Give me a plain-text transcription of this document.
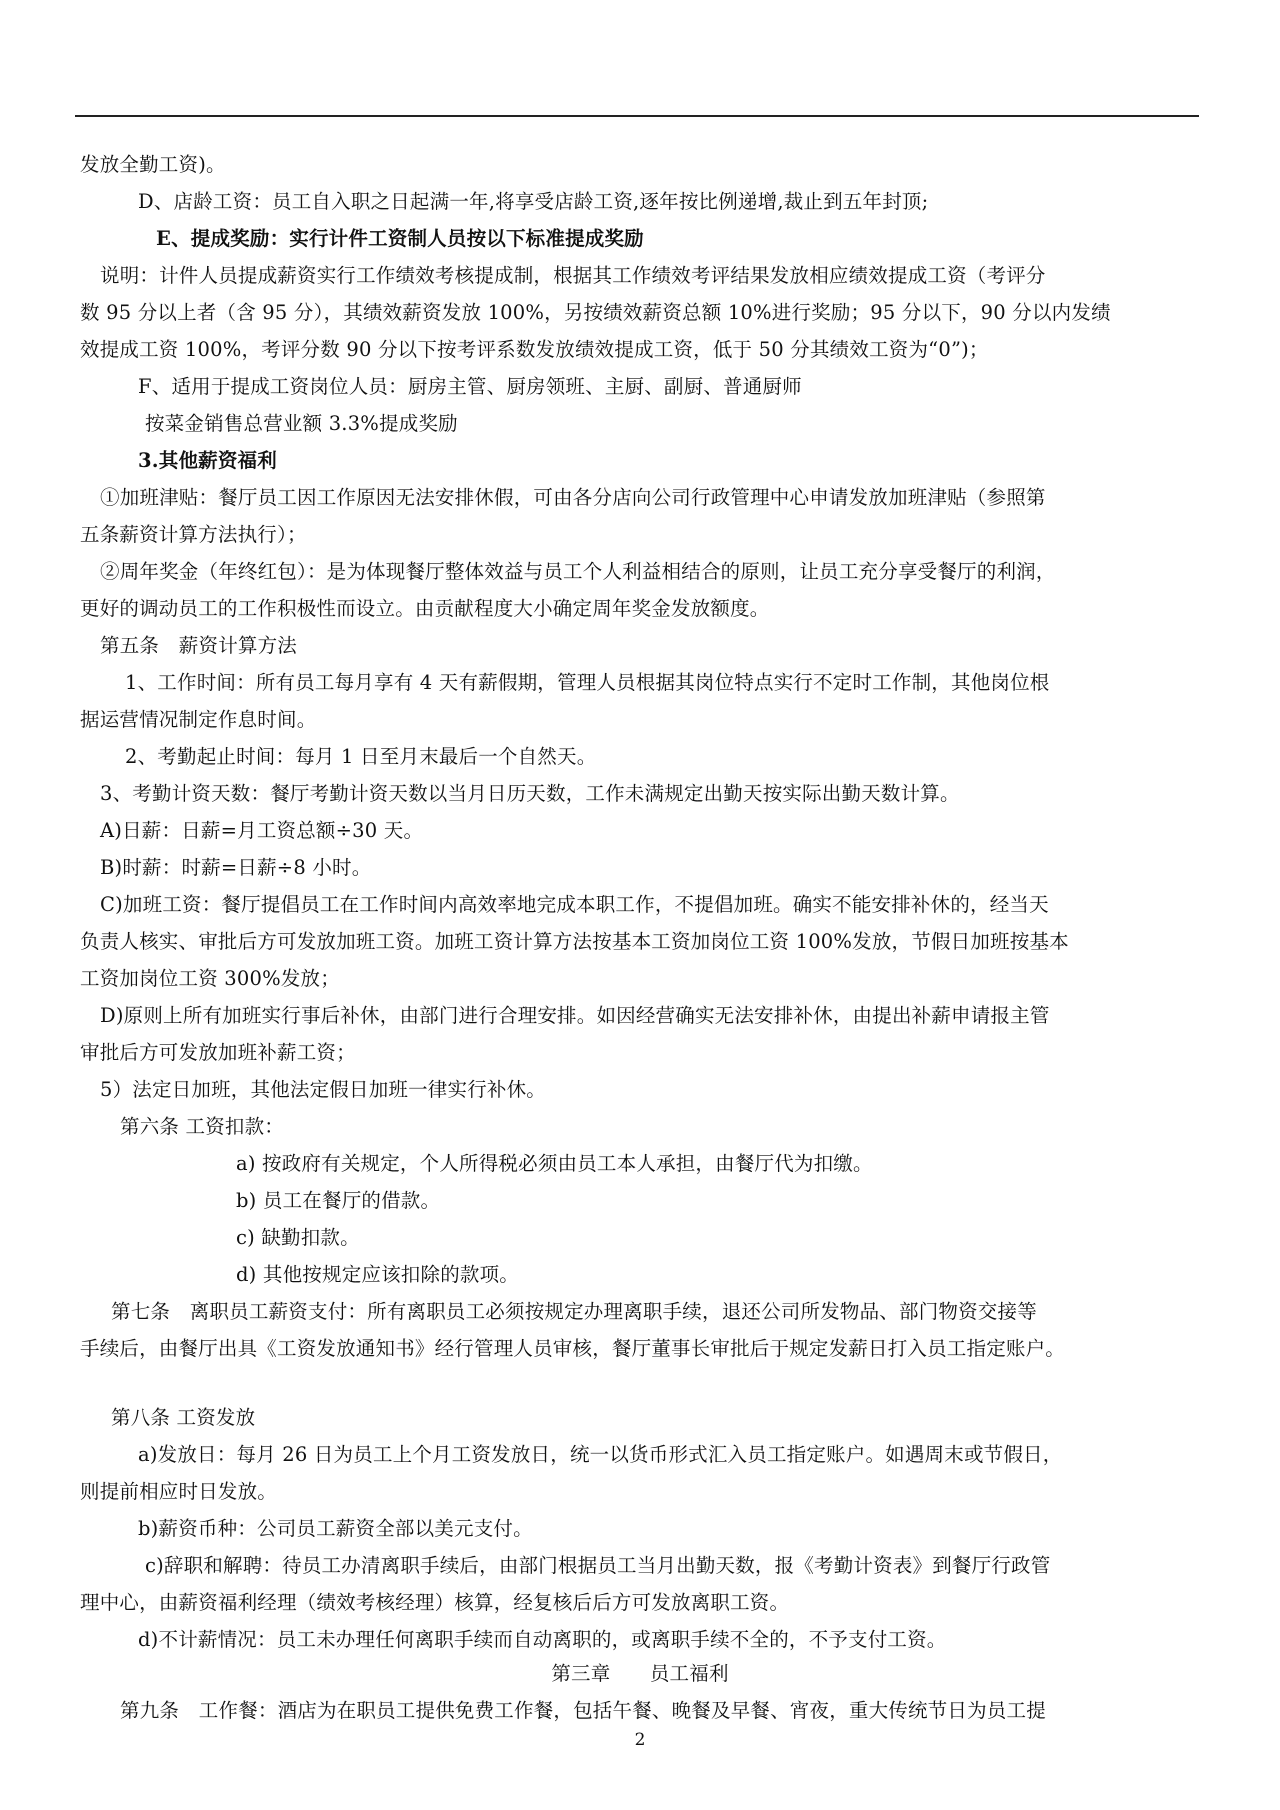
发放全勤工资)。
D、店龄工资：员工自入职之日起满一年,将享受店龄工资,逐年按比例递增,裁止到五年封顶;
E、提成奖励：实行计件工资制人员按以下标准提成奖励
说明：计件人员提成薪资实行工作绩效考核提成制，根据其工作绩效考评结果发放相应绩效提成工资（考评分
数 95 分以上者（含 95 分），其绩效薪资发放 100%，另按绩效薪资总额 10%进行奖励；95 分以下，90 分以内发绩
效提成工资 100%，考评分数 90 分以下按考评系数发放绩效提成工资，低于 50 分其绩效工资为“0”)；
F、适用于提成工资岗位人员：厨房主管、厨房领班、主厨、副厨、普通厨师
按菜金销售总营业额 3.3%提成奖励
3.其他薪资福利
①加班津贴：餐厅员工因工作原因无法安排休假，可由各分店向公司行政管理中心申请发放加班津贴（参照第
五条薪资计算方法执行）；
②周年奖金（年终红包）：是为体现餐厅整体效益与员工个人利益相结合的原则，让员工充分享受餐厅的利润，
更好的调动员工的工作积极性而设立。由贡献程度大小确定周年奖金发放额度。
第五条　薪资计算方法
1、工作时间：所有员工每月享有 4 天有薪假期，管理人员根据其岗位特点实行不定时工作制，其他岗位根
据运营情况制定作息时间。
2、考勤起止时间：每月 1 日至月末最后一个自然天。
3、考勤计资天数：餐厅考勤计资天数以当月日历天数，工作未满规定出勤天按实际出勤天数计算。
A)日薪：日薪=月工资总额÷30 天。
B)时薪：时薪=日薪÷8 小时。
C)加班工资：餐厅提倡员工在工作时间内高效率地完成本职工作，不提倡加班。确实不能安排补休的，经当天
负责人核实、审批后方可发放加班工资。加班工资计算方法按基本工资加岗位工资 100%发放，节假日加班按基本
工资加岗位工资 300%发放；
D)原则上所有加班实行事后补休，由部门进行合理安排。如因经营确实无法安排补休，由提出补薪申请报主管
审批后方可发放加班补薪工资；
5）法定日加班，其他法定假日加班一律实行补休。
第六条 工资扣款：
a) 按政府有关规定，个人所得税必须由员工本人承担，由餐厅代为扣缴。
b) 员工在餐厅的借款。
c) 缺勤扣款。
d) 其他按规定应该扣除的款项。
第七条　离职员工薪资支付：所有离职员工必须按规定办理离职手续，退还公司所发物品、部门物资交接等
手续后，由餐厅出具《工资发放通知书》经行管理人员审核，餐厅董事长审批后于规定发薪日打入员工指定账户。
第八条 工资发放
a)发放日：每月 26 日为员工上个月工资发放日，统一以货币形式汇入员工指定账户。如遇周末或节假日，
则提前相应时日发放。
b)薪资币种：公司员工薪资全部以美元支付。
c)辞职和解聘：待员工办清离职手续后，由部门根据员工当月出勤天数，报《考勤计资表》到餐厅行政管
理中心，由薪资福利经理（绩效考核经理）核算，经复核后后方可发放离职工资。
d)不计薪情况：员工未办理任何离职手续而自动离职的，或离职手续不全的，不予支付工资。
第三章　　员工福利
第九条　工作餐：酒店为在职员工提供免费工作餐，包括午餐、晚餐及早餐、宵夜，重大传统节日为员工提
2
